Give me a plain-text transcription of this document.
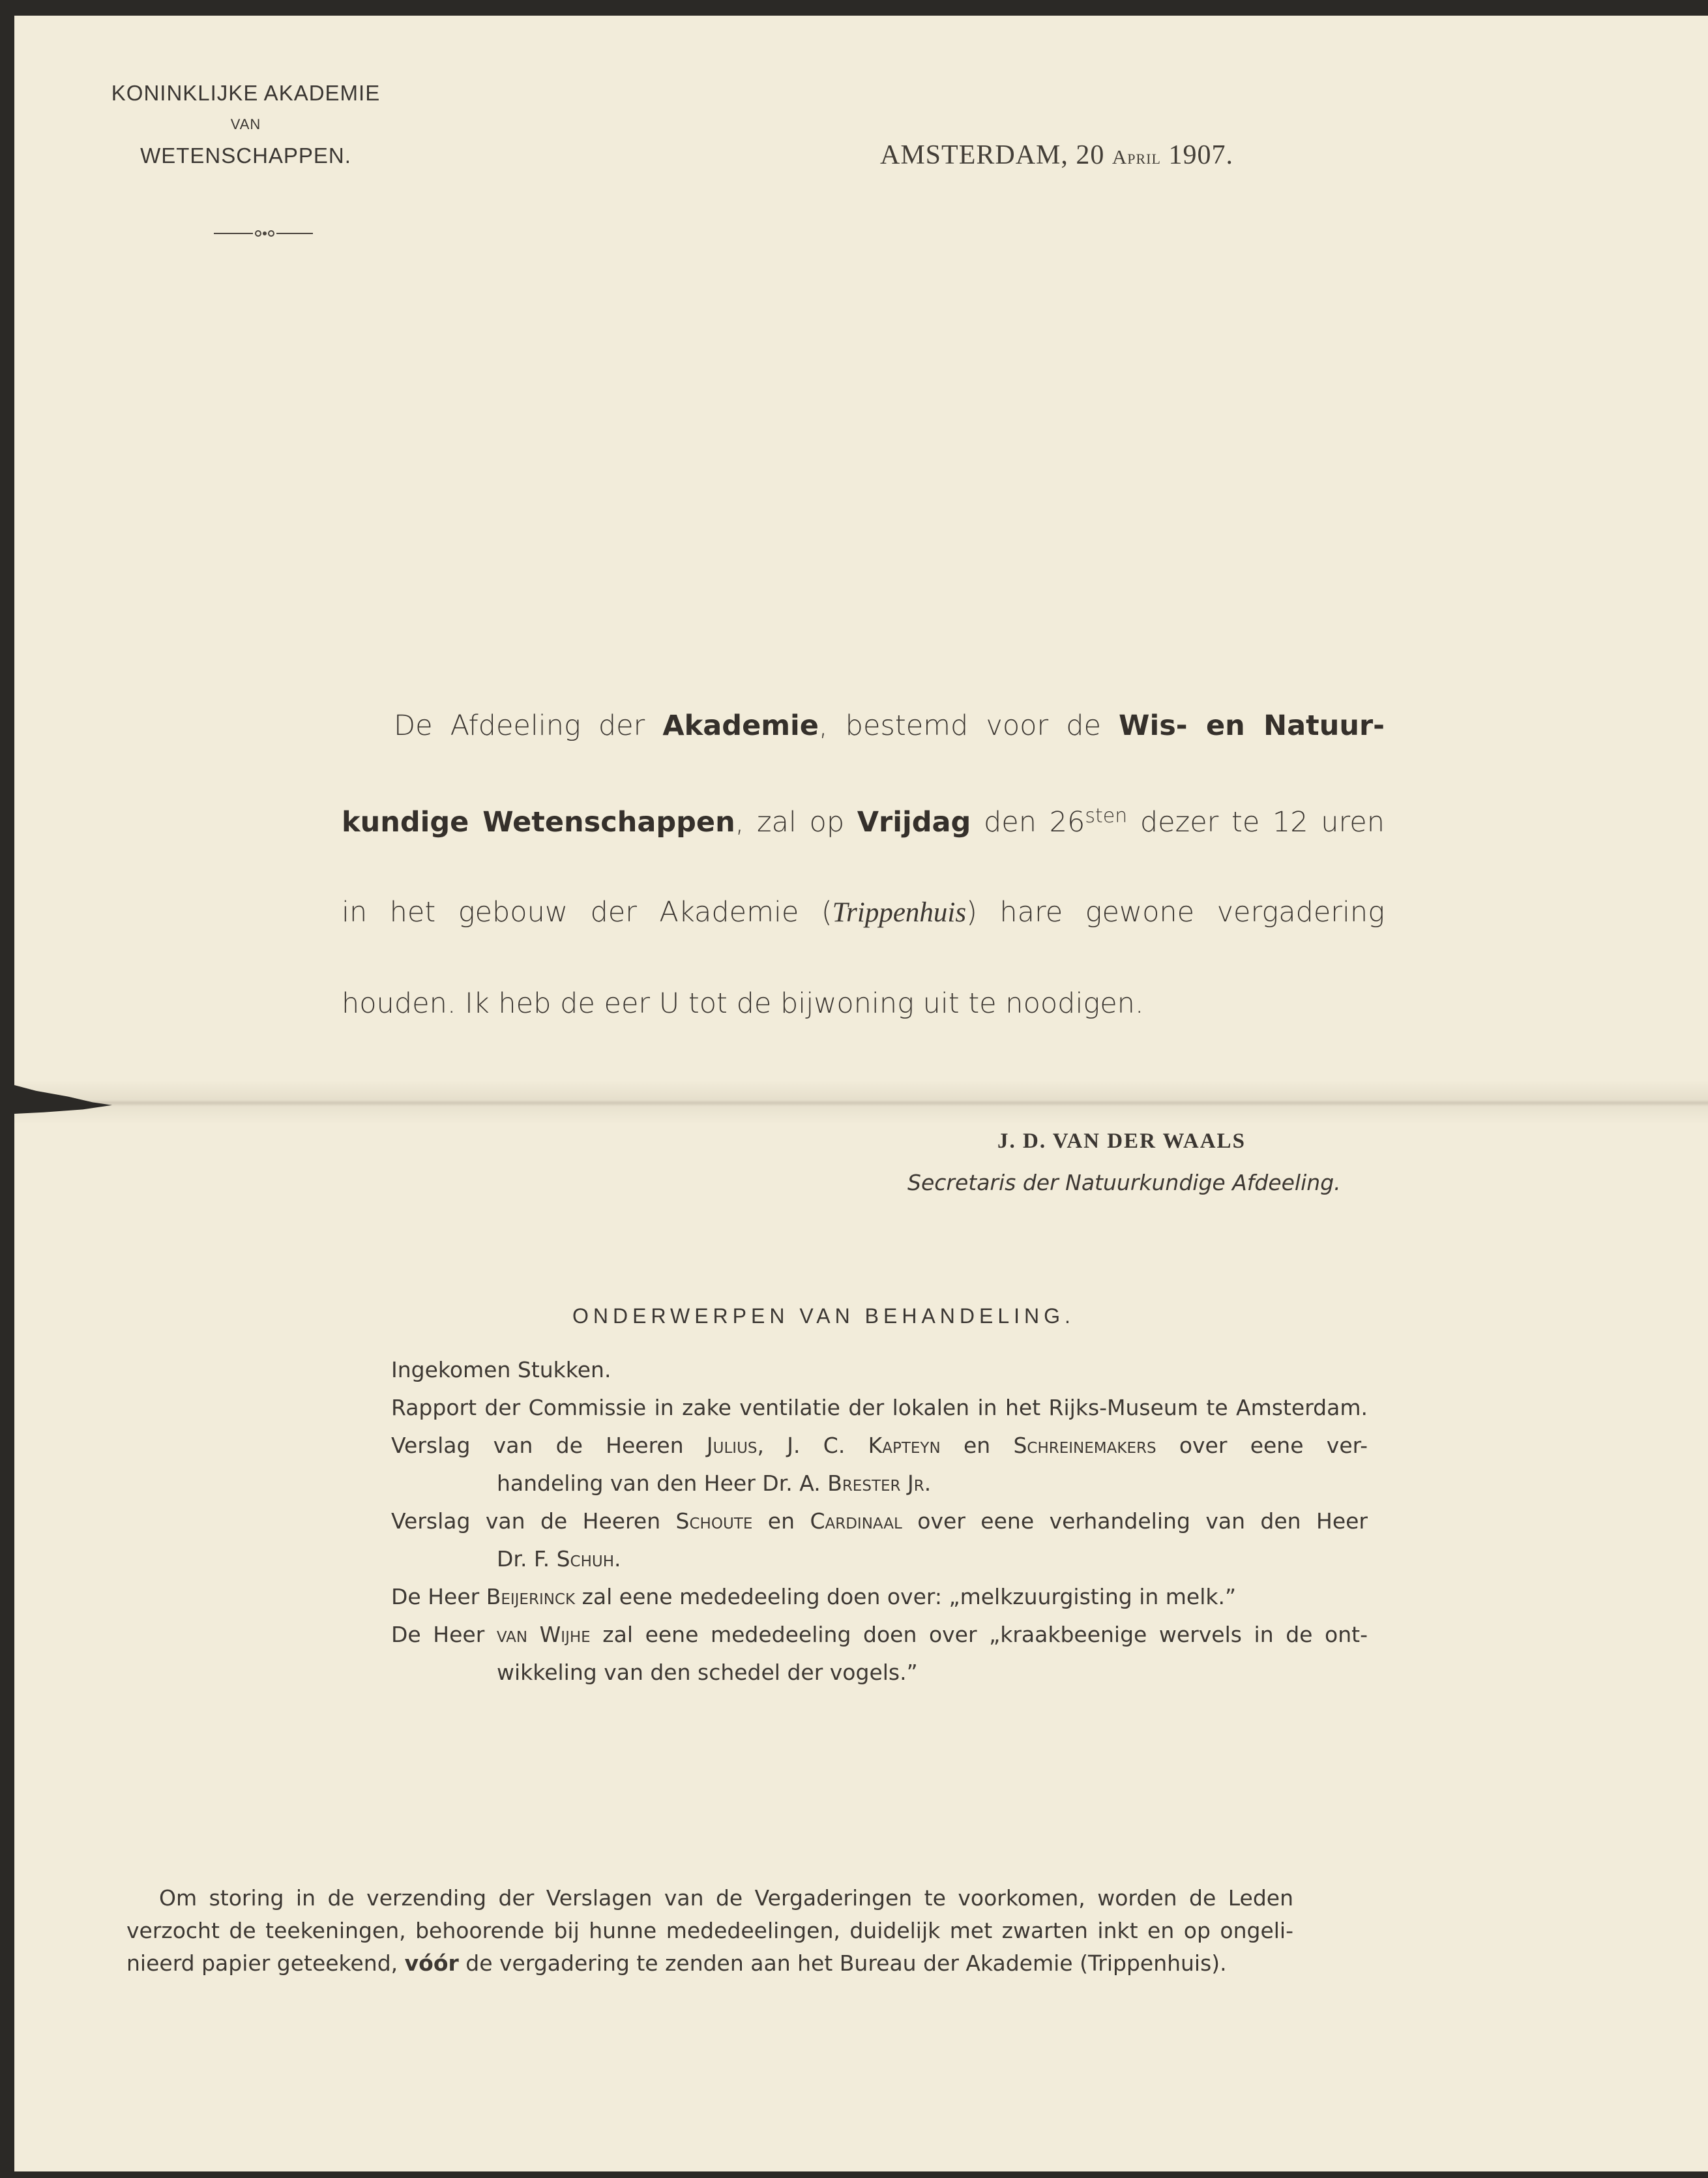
KONINKLIJKE AKADEMIE
VAN
WETENSCHAPPEN.	AMSTERDAM, 20 April 1907.
De Afdeeling der Akademie, bestemd voor de Wis- en Natuur-
kundige Wetenschappen, zal op Vrijdag den $26^{sten}$ dezer te 12 uren
in het gebouw der Akademie (Trippenhuis) hare gewone vergadering
houden. Ik heb de eer U tot de bijwoning uit te noodigen.
J. D. VAN DER WAALS
Secretaris der Natuurkundige Afdeeling.
ONDERWERPEN VAN BEHANDELING.
Ingekomen Stukken.
Rapport der Commissie in zake ventilatie der lokalen in het Rijks-Museum te Amsterdam.
Verslag van de Heeren Julius, J. C. Kapteyn en Schreinemakers over eene ver-
handeling van den Heer Dr. A. Brester Jr.
Verslag van de Heeren Schoute en Cardinaal over eene verhandeling van den Heer
Dr. F. Schuh.
De Heer Beijerinck zal eene mededeeling doen over: „melkzuurgisting in melk.”
De Heer van Wijhe zal eene mededeeling doen over „kraakbeenige wervels in de ont-
wikkeling van den schedel der vogels.”
Om storing in de verzending der Verslagen van de Vergaderingen te voorkomen, worden de Leden
verzocht de teekeningen, behoorende bij hunne mededeelingen, duidelijk met zwarten inkt en op ongeli-
nieerd papier geteekend, vóór de vergadering te zenden aan het Bureau der Akademie (Trippenhuis).
